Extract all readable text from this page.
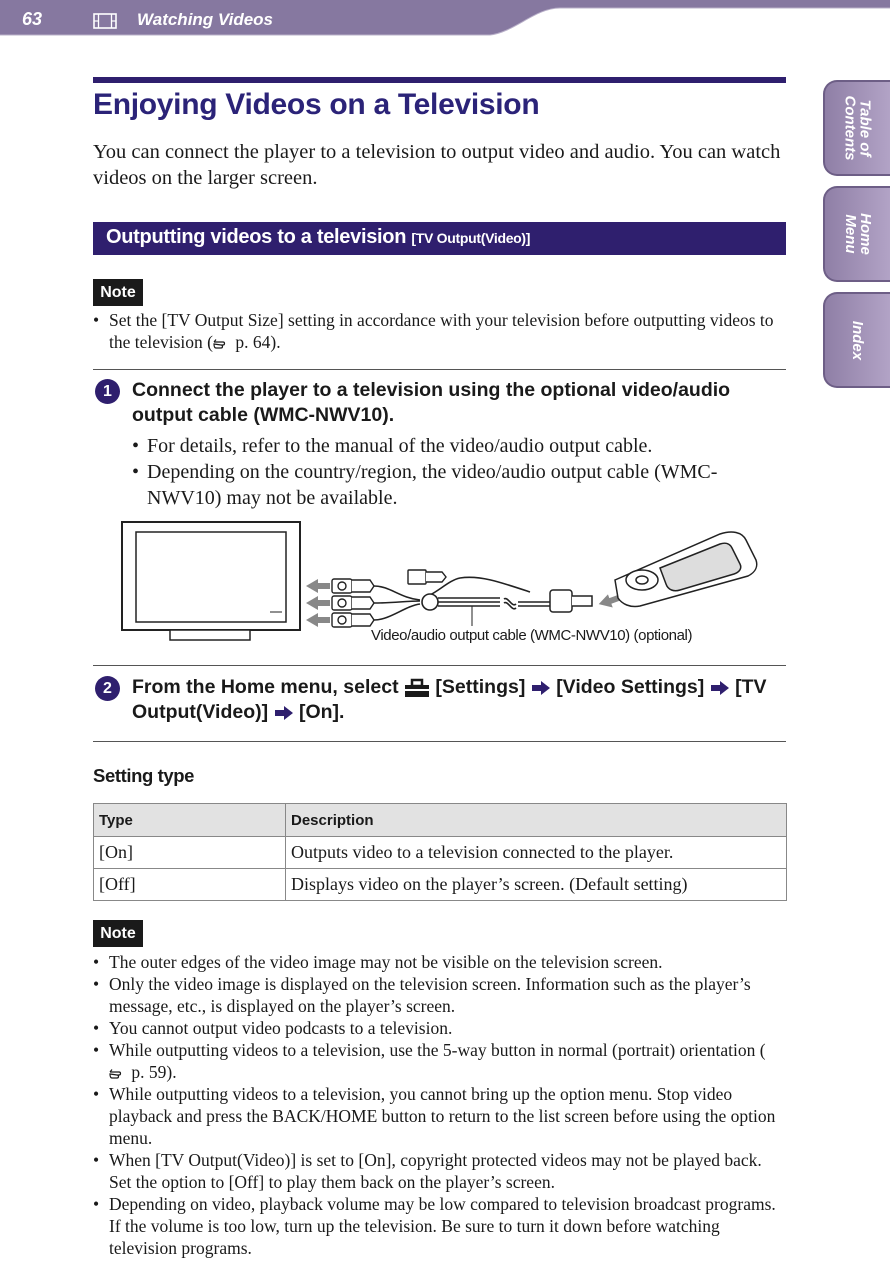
63	Watching Videos
Table of Contents
Home Menu
Index
Enjoying Videos on a Television

You can connect the player to a television to output video and audio. You can watch videos on the larger screen.

Outputting videos to a television [TV Output(Video)]
Note
• Set the [TV Output Size] setting in accordance with your television before outputting videos to the television ( p. 64).
1	Connect the player to a television using the optional video/audio output cable (WMC-NWV10).
• For details, refer to the manual of the video/audio output cable.
• Depending on the country/region, the video/audio output cable (WMC-NWV10) may not be available.
Video/audio output cable (WMC-NWV10) (optional)
2	From the Home menu, select [Settings] [Video Settings] [TV Output(Video)] [On].
Setting type
Type	Description
[On]	Outputs video to a television connected to the player.
[Off]	Displays video on the player’s screen. (Default setting)
Note
• The outer edges of the video image may not be visible on the television screen.
• Only the video image is displayed on the television screen. Information such as the player’s message, etc., is displayed on the player’s screen.
• You cannot output video podcasts to a television.
• While outputting videos to a television, use the 5-way button in normal (portrait) orientation ( p. 59).
• While outputting videos to a television, you cannot bring up the option menu. Stop video playback and press the BACK/HOME button to return to the list screen before using the option menu.
• When [TV Output(Video)] is set to [On], copyright protected videos may not be played back. Set the option to [Off] to play them back on the player’s screen.
• Depending on video, playback volume may be low compared to television broadcast programs. If the volume is too low, turn up the television. Be sure to turn it down before watching television programs.
